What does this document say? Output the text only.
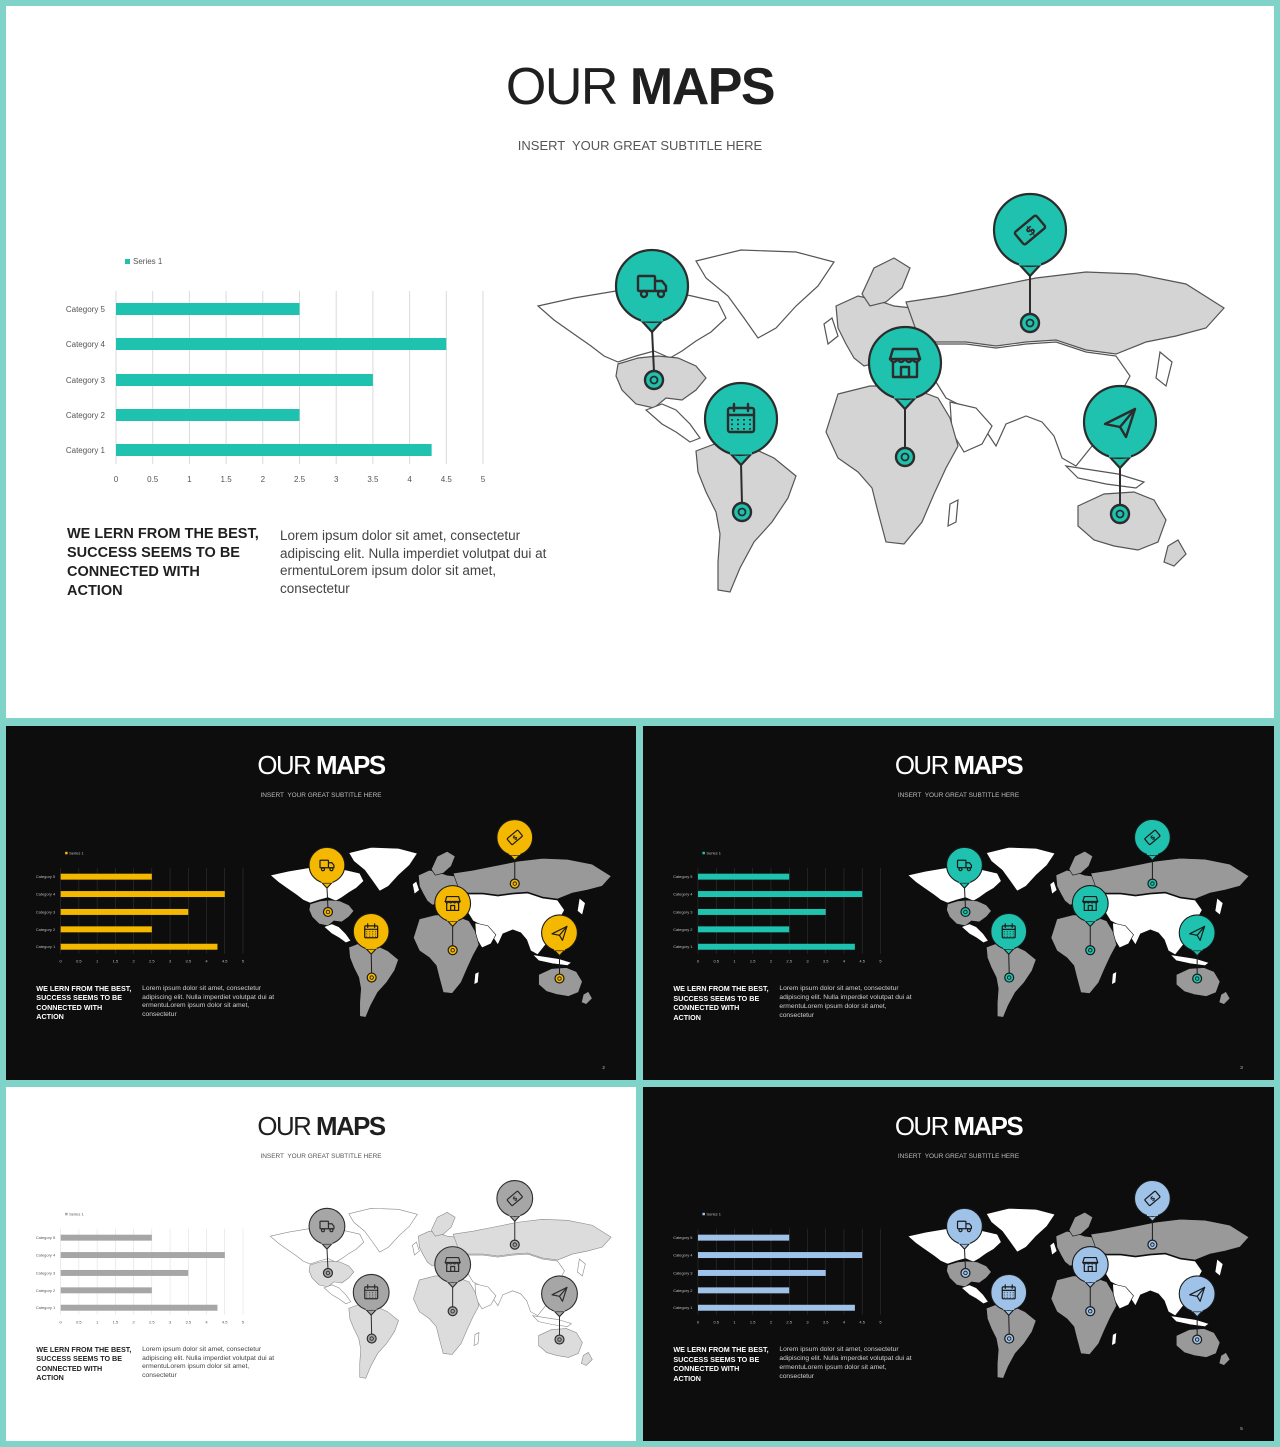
OUR MAPS
INSERT  YOUR GREAT SUBTITLE HERE
WE LERN FROM THE BEST,
SUCCESS SEEMS TO BE
CONNECTED WITH
ACTION
Lorem ipsum dolor sit amet, consectetur
adipiscing elit. Nulla imperdiet volutpat dui at
ermentuLorem ipsum dolor sit amet,
consectetur
0	0.5	1	1.5	2	2.5	3	3.5	4	4.5	5
Category 1
Category 2
Category 3
Category 4
Category 5
Series 1
$
OUR MAPS
INSERT  YOUR GREAT SUBTITLE HERE
WE LERN FROM THE BEST,
SUCCESS SEEMS TO BE
CONNECTED WITH
ACTION
Lorem ipsum dolor sit amet, consectetur
adipiscing elit. Nulla imperdiet volutpat dui at
ermentuLorem ipsum dolor sit amet,
consectetur
2
0 0.5 1 1.5 2 2.5 3 3.5 4 4.5 5
Category 1
Category 2
Category 3
Category 4
Category 5
Series 1
$
OUR MAPS
INSERT  YOUR GREAT SUBTITLE HERE
WE LERN FROM THE BEST,
SUCCESS SEEMS TO BE
CONNECTED WITH
ACTION
Lorem ipsum dolor sit amet, consectetur
adipiscing elit. Nulla imperdiet volutpat dui at
ermentuLorem ipsum dolor sit amet,
consectetur
3
0 0.5 1 1.5 2 2.5 3 3.5 4 4.5 5
Category 1
Category 2
Category 3
Category 4
Category 5
Series 1
$
OUR MAPS
INSERT  YOUR GREAT SUBTITLE HERE
WE LERN FROM THE BEST,
SUCCESS SEEMS TO BE
CONNECTED WITH
ACTION
Lorem ipsum dolor sit amet, consectetur
adipiscing elit. Nulla imperdiet volutpat dui at
ermentuLorem ipsum dolor sit amet,
consectetur
0 0.5 1 1.5 2 2.5 3 3.5 4 4.5 5
Category 1
Category 2
Category 3
Category 4
Category 5
Series 1
$
OUR MAPS
INSERT  YOUR GREAT SUBTITLE HERE
WE LERN FROM THE BEST,
SUCCESS SEEMS TO BE
CONNECTED WITH
ACTION
Lorem ipsum dolor sit amet, consectetur
adipiscing elit. Nulla imperdiet volutpat dui at
ermentuLorem ipsum dolor sit amet,
consectetur
5
0 0.5 1 1.5 2 2.5 3 3.5 4 4.5 5
Category 1
Category 2
Category 3
Category 4
Category 5
Series 1
$
